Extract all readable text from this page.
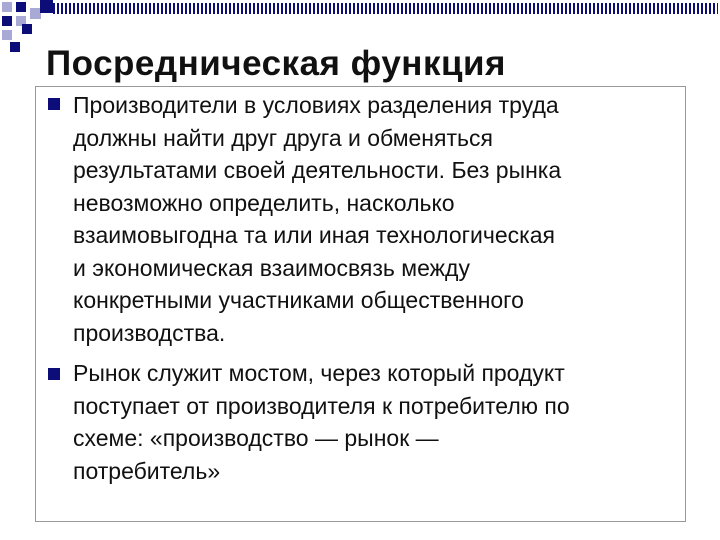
Посредническая функция
Производители в условиях разделения труда
должны найти друг друга и обменяться
результатами своей деятельности. Без рынка
невозможно определить, насколько
взаимовыгодна та или иная технологическая
и экономическая взаимосвязь между
конкретными участниками общественного
производства.
Рынок служит мостом, через который продукт
поступает от производителя к потребителю по
схеме: «производство — рынок —
потребитель»
